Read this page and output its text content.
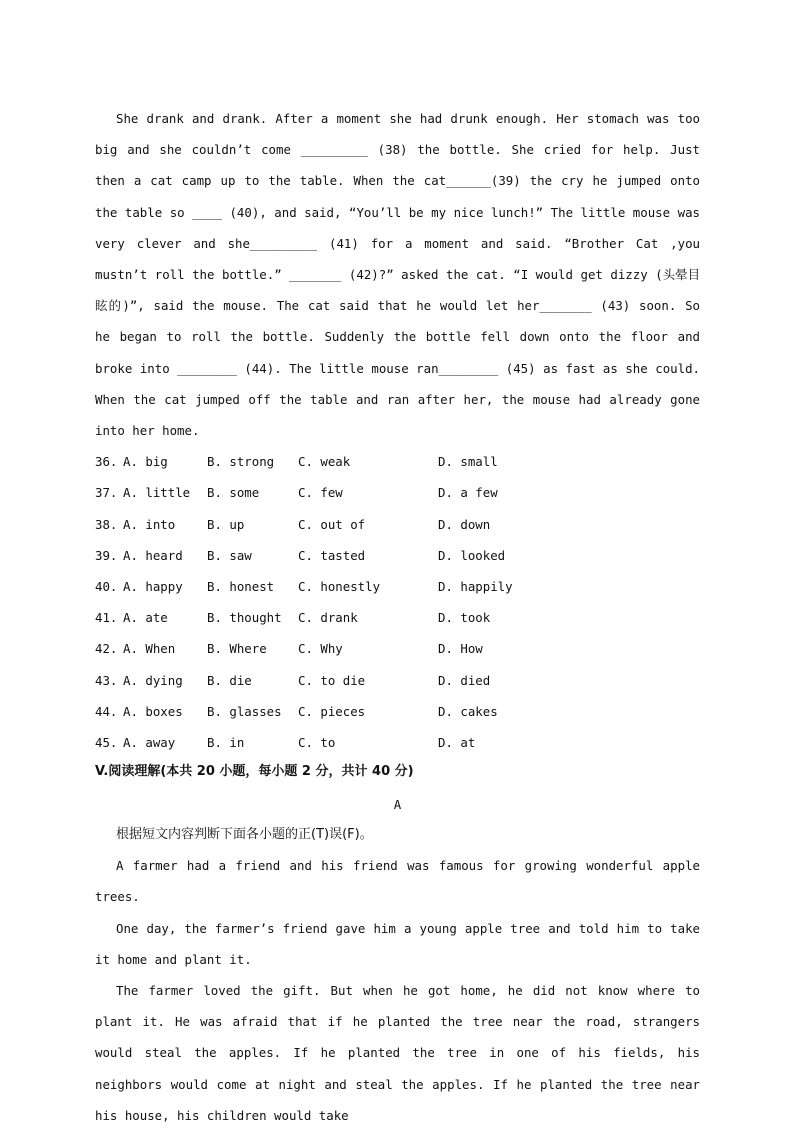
She drank and drank. After a moment she had drunk enough. Her stomach was too big and she couldn’t come _________ (38) the bottle. She cried for help. Just then a cat camp up to the table. When the cat______(39) the cry he jumped onto the table so ____ (40), and said, “You’ll be my nice lunch!” The little mouse was very clever and she_________ (41) for a moment and said. “Brother Cat ,you mustn’t roll the bottle.” _______ (42)?” asked the cat. “I would get dizzy (头晕目眩的)”, said the mouse. The cat said that he would let her_______ (43) soon. So he began to roll the bottle. Suddenly the bottle fell down onto the floor and broke into ________ (44). The little mouse ran________ (45) as fast as she could. When the cat jumped off the table and ran after her, the mouse had already gone into her home.

36. A. big	B. strong	C. weak	D. small
37. A. little	B. some	C. few	D. a few
38. A. into	B. up	C. out of	D. down
39. A. heard	B. saw	C. tasted	D. looked
40. A. happy	B. honest	C. honestly	D. happily
41. A. ate	B. thought	C. drank	D. took
42. A. When	B. Where	C. Why	D. How
43. A. dying	B. die	C. to die	D. died
44. A. boxes	B. glasses	C. pieces	D. cakes
45. A. away	B. in	C. to	D. at

V.阅读理解(本共 20 小题，每小题 2 分，共计 40 分)

A

根据短文内容判断下面各小题的正(T)误(F)。

A farmer had a friend and his friend was famous for growing wonderful apple trees.

One day, the farmer’s friend gave him a young apple tree and told him to take it home and plant it.

The farmer loved the gift. But when he got home, he did not know where to plant it. He was afraid that if he planted the tree near the road, strangers would steal the apples. If he planted the tree in one of his fields, his neighbors would come at night and steal the apples. If he planted the tree near his house, his children would take
